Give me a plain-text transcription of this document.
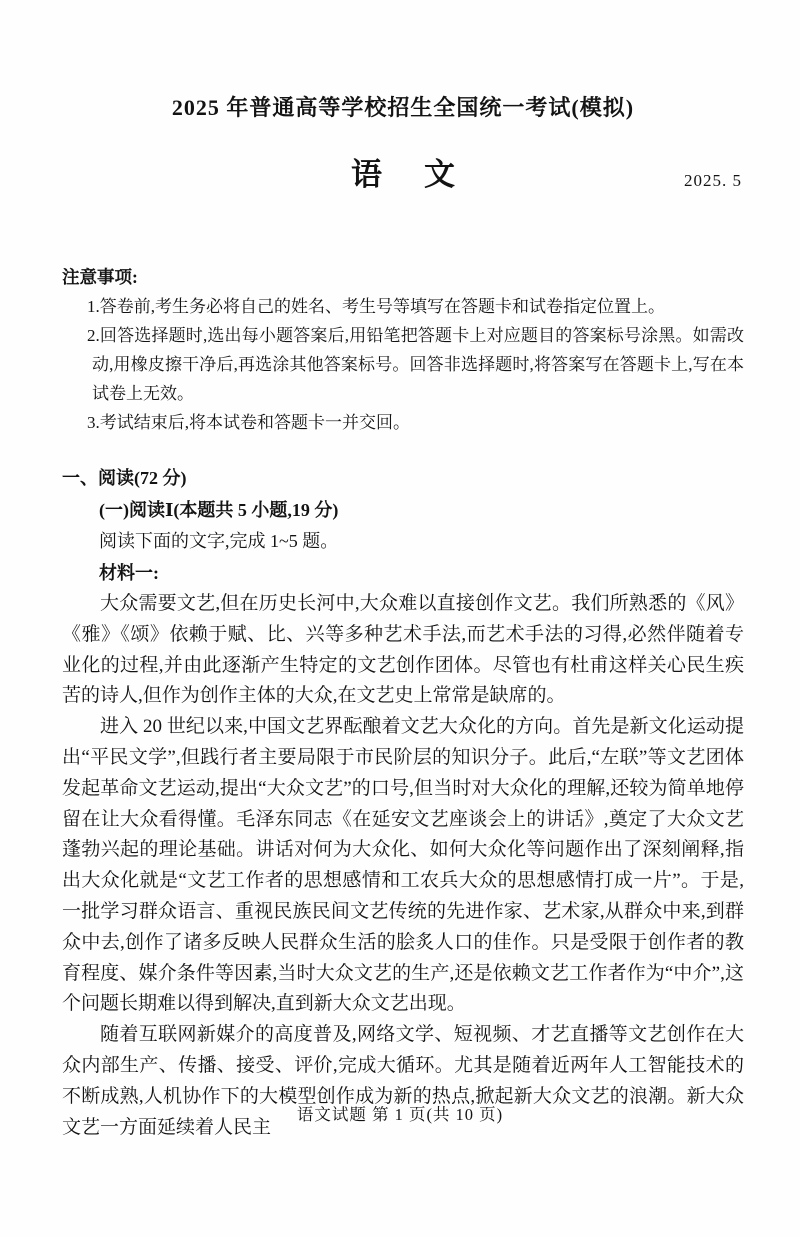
2025 年普通高等学校招生全国统一考试(模拟)
语文	2025. 5
注意事项:
1.答卷前,考生务必将自己的姓名、考生号等填写在答题卡和试卷指定位置上。
2.回答选择题时,选出每小题答案后,用铅笔把答题卡上对应题目的答案标号涂黑。如需改动,用橡皮擦干净后,再选涂其他答案标号。回答非选择题时,将答案写在答题卡上,写在本试卷上无效。
3.考试结束后,将本试卷和答题卡一并交回。
一、阅读(72 分)
(一)阅读Ⅰ(本题共 5 小题,19 分)
阅读下面的文字,完成 1~5 题。
材料一:

大众需要文艺,但在历史长河中,大众难以直接创作文艺。我们所熟悉的《风》《雅》《颂》依赖于赋、比、兴等多种艺术手法,而艺术手法的习得,必然伴随着专业化的过程,并由此逐渐产生特定的文艺创作团体。尽管也有杜甫这样关心民生疾苦的诗人,但作为创作主体的大众,在文艺史上常常是缺席的。

进入 20 世纪以来,中国文艺界酝酿着文艺大众化的方向。首先是新文化运动提出“平民文学”,但践行者主要局限于市民阶层的知识分子。此后,“左联”等文艺团体发起革命文艺运动,提出“大众文艺”的口号,但当时对大众化的理解,还较为简单地停留在让大众看得懂。毛泽东同志《在延安文艺座谈会上的讲话》,奠定了大众文艺蓬勃兴起的理论基础。讲话对何为大众化、如何大众化等问题作出了深刻阐释,指出大众化就是“文艺工作者的思想感情和工农兵大众的思想感情打成一片”。于是,一批学习群众语言、重视民族民间文艺传统的先进作家、艺术家,从群众中来,到群众中去,创作了诸多反映人民群众生活的脍炙人口的佳作。只是受限于创作者的教育程度、媒介条件等因素,当时大众文艺的生产,还是依赖文艺工作者作为“中介”,这个问题长期难以得到解决,直到新大众文艺出现。

随着互联网新媒介的高度普及,网络文学、短视频、才艺直播等文艺创作在大众内部生产、传播、接受、评价,完成大循环。尤其是随着近两年人工智能技术的不断成熟,人机协作下的大模型创作成为新的热点,掀起新大众文艺的浪潮。新大众文艺一方面延续着人民主

语文试题 第 1 页(共 10 页)
